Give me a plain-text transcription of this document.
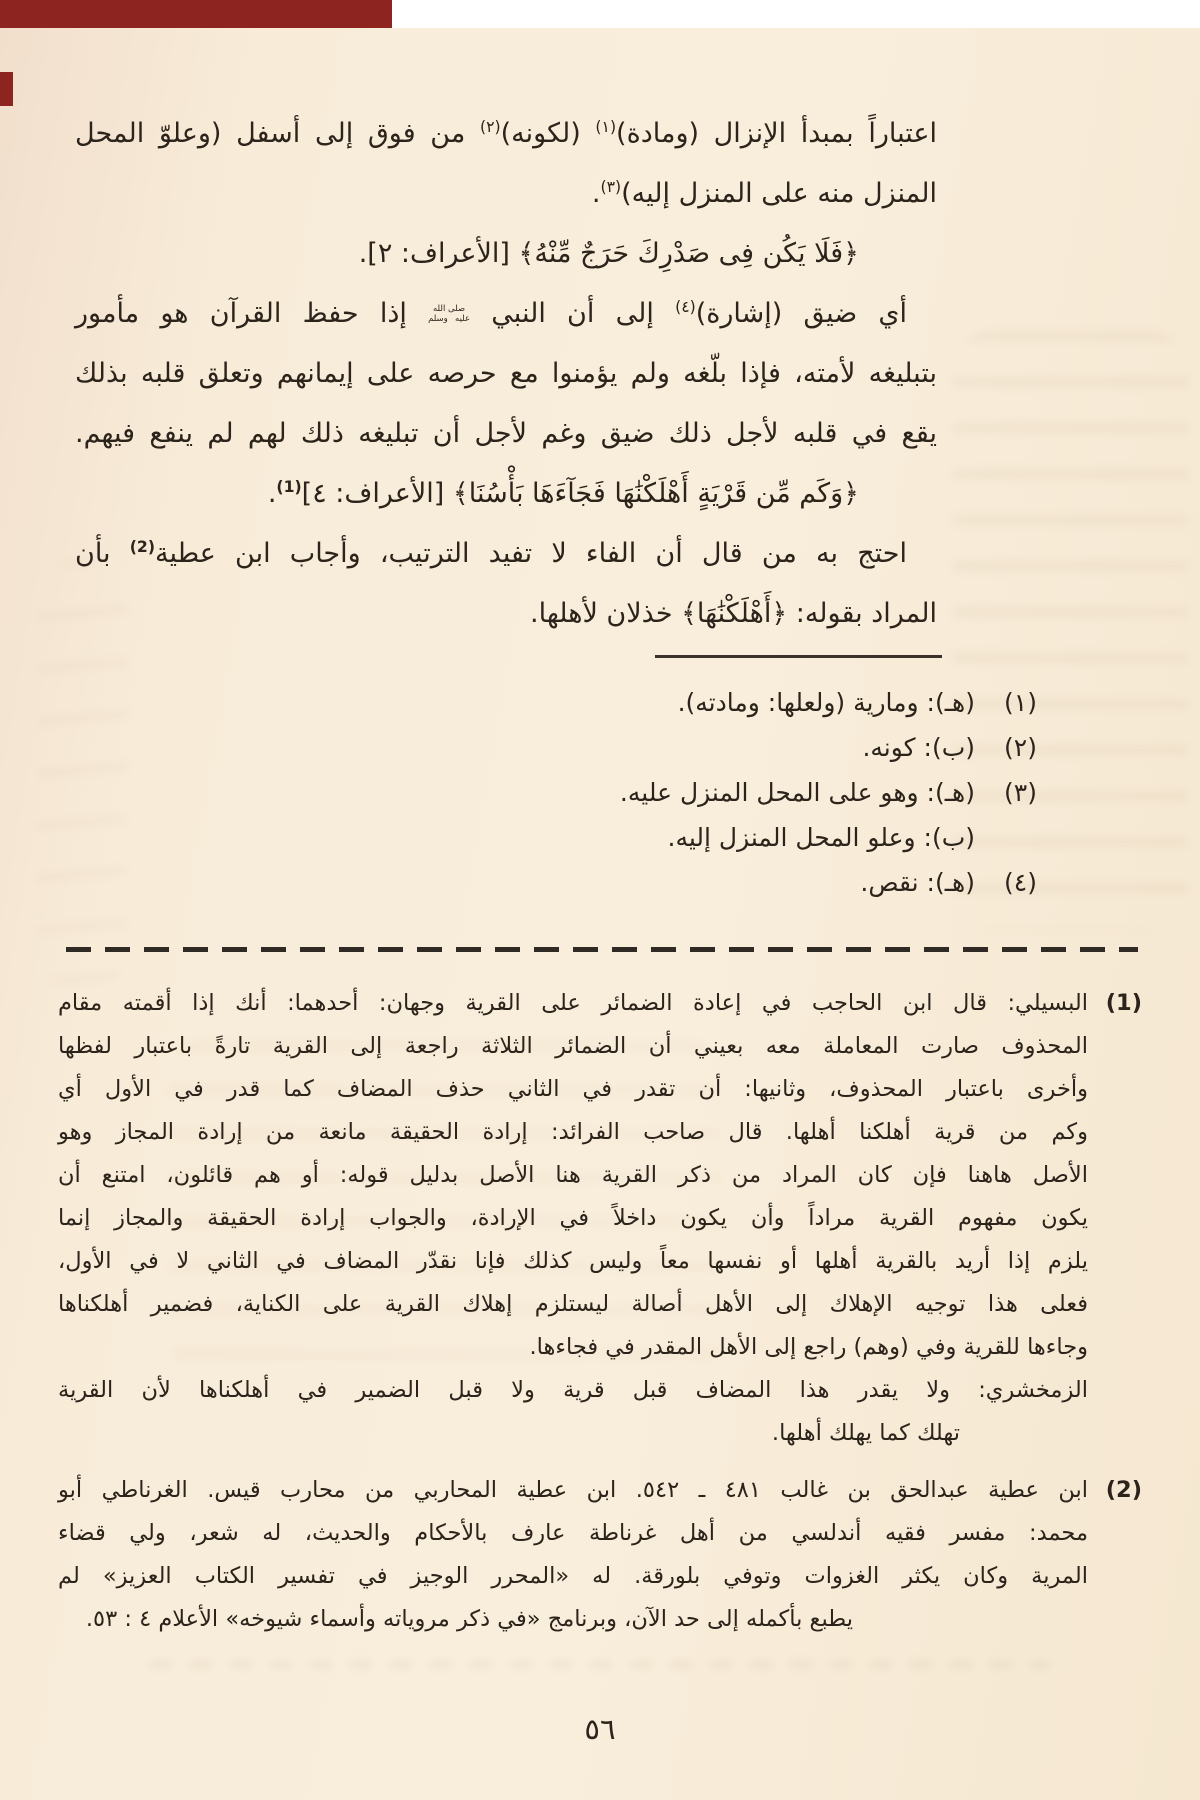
اعتباراً بمبدأ الإنزال (ومادة)$^{(١)}$ (لكونه)$^{(٢)}$ من فوق إلى أسفل (وعلوّ المحل
المنزل منه على المنزل إليه)$^{(٣)}$.
﴿فَلَا يَكُن فِى صَدْرِكَ حَرَجٌ مِّنْهُ﴾ [الأعراف: ٢].
أي ضيق (إشارة)$^{(٤)}$ إلى أن النبي صلى الله عليه وسلم إذا حفظ القرآن هو مأمور
بتبليغه لأمته، فإذا بلّغه ولم يؤمنوا مع حرصه على إيمانهم وتعلق قلبه بذلك
يقع في قلبه لأجل ذلك ضيق وغم لأجل أن تبليغه ذلك لهم لم ينفع فيهم.
﴿وَكَم مِّن قَرْيَةٍ أَهْلَكْنَٰهَا فَجَآءَهَا بَأْسُنَا﴾ [الأعراف: ٤]$^{(1)}$.
احتج به من قال أن الفاء لا تفيد الترتيب، وأجاب ابن عطية$^{(2)}$ بأن
المراد بقوله: ﴿أَهْلَكْنَٰهَا﴾ خذلان لأهلها.
(١)
(هـ): ومارية (ولعلها: ومادته).
(٢)
(ب): كونه.
(٣)
(هـ): وهو على المحل المنزل عليه.
(ب): وعلو المحل المنزل إليه.
(٤)
(هـ): نقص.
(1)
البسيلي: قال ابن الحاجب في إعادة الضمائر على القرية وجهان: أحدهما: أنك إذا أقمته مقام
المحذوف صارت المعاملة معه بعيني أن الضمائر الثلاثة راجعة إلى القرية تارةً باعتبار لفظها
وأخرى باعتبار المحذوف، وثانيها: أن تقدر في الثاني حذف المضاف كما قدر في الأول أي
وكم من قرية أهلكنا أهلها. قال صاحب الفرائد: إرادة الحقيقة مانعة من إرادة المجاز وهو
الأصل هاهنا فإن كان المراد من ذكر القرية هنا الأصل بدليل قوله: أو هم قائلون، امتنع أن
يكون مفهوم القرية مراداً وأن يكون داخلاً في الإرادة، والجواب إرادة الحقيقة والمجاز إنما
يلزم إذا أريد بالقرية أهلها أو نفسها معاً وليس كذلك فإنا نقدّر المضاف في الثاني لا في الأول،
فعلى هذا توجيه الإهلاك إلى الأهل أصالة ليستلزم إهلاك القرية على الكناية، فضمير أهلكناها
وجاءها للقرية وفي (وهم) راجع إلى الأهل المقدر في فجاءها.
الزمخشري: ولا يقدر هذا المضاف قبل قرية ولا قبل الضمير في أهلكناها لأن القرية
تهلك كما يهلك أهلها.
(2)
ابن عطية عبدالحق بن غالب ٤٨١ ـ ٥٤٢. ابن عطية المحاربي من محارب قيس. الغرناطي أبو
محمد: مفسر فقيه أندلسي من أهل غرناطة عارف بالأحكام والحديث، له شعر، ولي قضاء
المرية وكان يكثر الغزوات وتوفي بلورقة. له «المحرر الوجيز في تفسير الكتاب العزيز» لم
يطبع بأكمله إلى حد الآن، وبرنامج «في ذكر مروياته وأسماء شيوخه» الأعلام ٤ : ٥٣.
٥٦
